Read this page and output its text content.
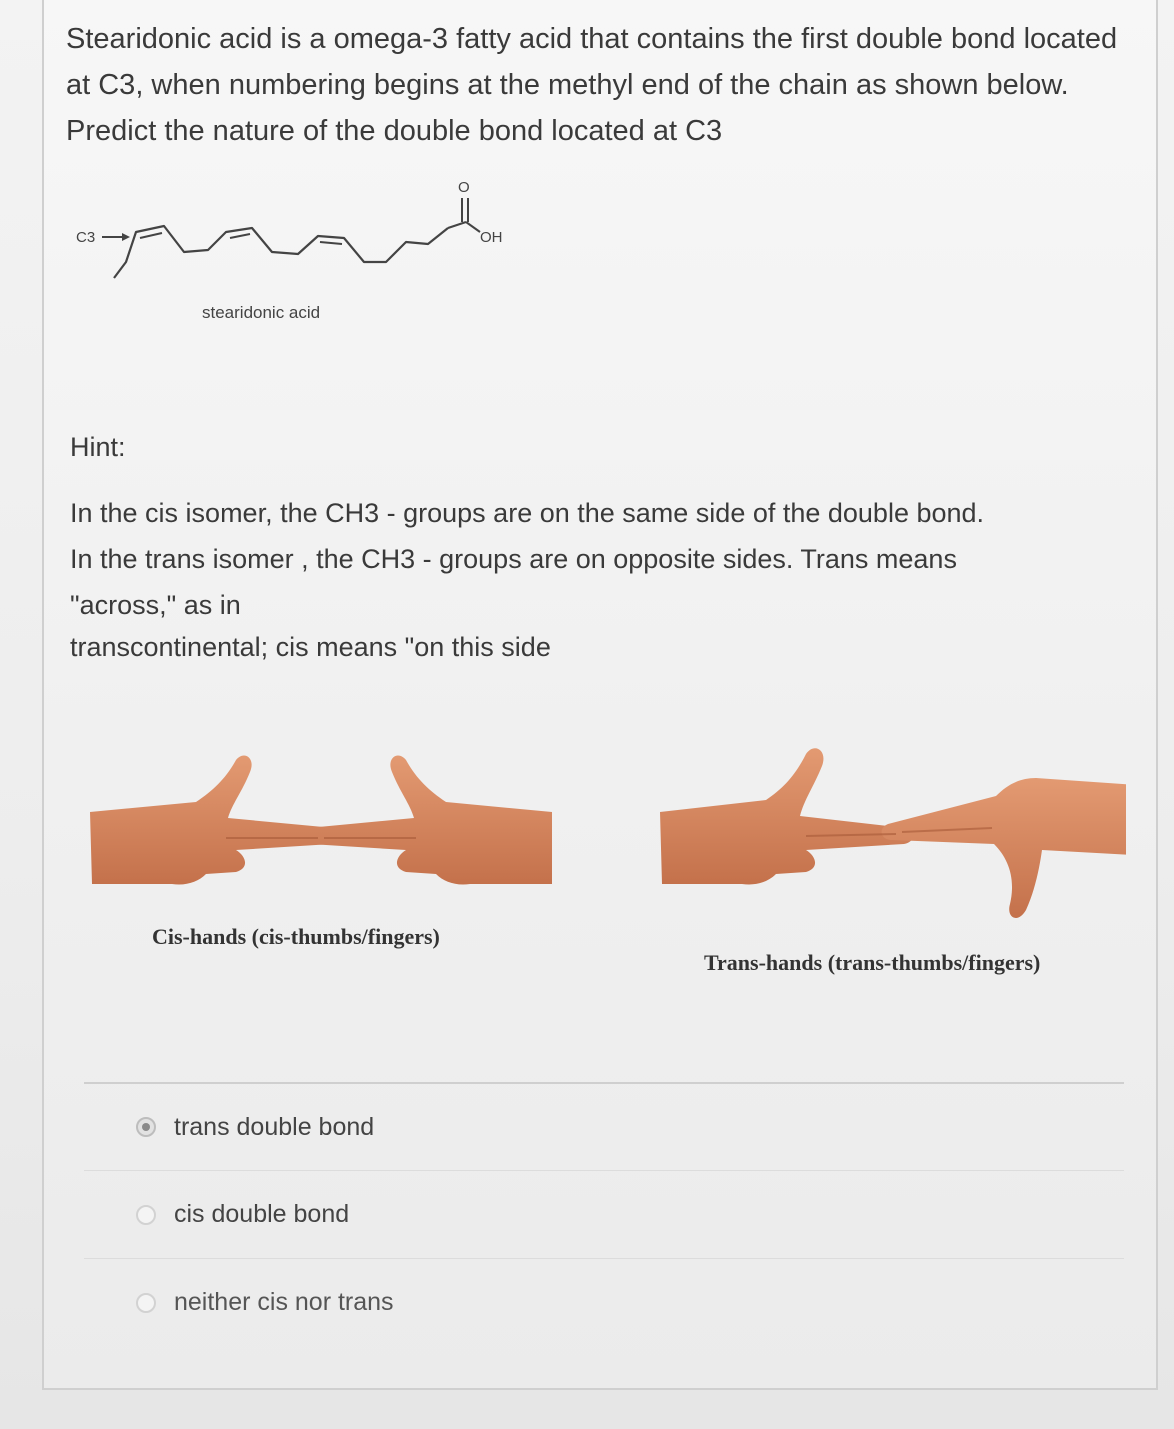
Stearidonic acid is a omega-3 fatty acid that contains the first double bond located at C3, when numbering begins at the methyl end of the chain as shown below. Predict the nature of the double bond located at C3

C3
O
OH
stearidonic acid

Hint:

In the cis isomer, the CH3 - groups are on the same side of the double bond.
In the trans isomer , the CH3 - groups are on opposite sides. Trans means
"across," as in
transcontinental; cis means "on this side
Cis-hands (cis-thumbs/fingers)
Trans-hands (trans-thumbs/fingers)
trans double bond
cis double bond
neither cis nor trans
